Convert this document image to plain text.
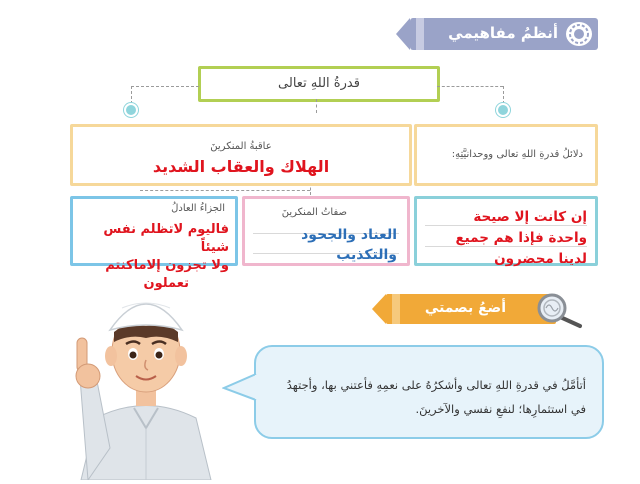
أنظمُ مفاهيمي
قدرةُ اللهِ تعالى
عاقبةُ المنكرينَ
الهلاك والعقاب الشديد
دلائلُ قدرةِ اللهِ تعالى ووحدانيَّتِهِ:
الجزاءُ العادلُ
فاليوم لاتظلم نفس شيئاً
ولا تجزون إلاماكنتم
تعملون
صفاتُ المنكرينَ
العناد والجحود
والتكذيب
إن كانت إلا صيحة
واحدة فإذا هم جميع
لدينا محضرون
أضعُ بصمتي
أتأمَّلُ في قدرةِ اللهِ تعالى وأشكرُهُ على نعمِهِ فأعتني بها، وأجتهدُ
في استثمارِها؛ لنفعِ نفسي والآخرينَ.
